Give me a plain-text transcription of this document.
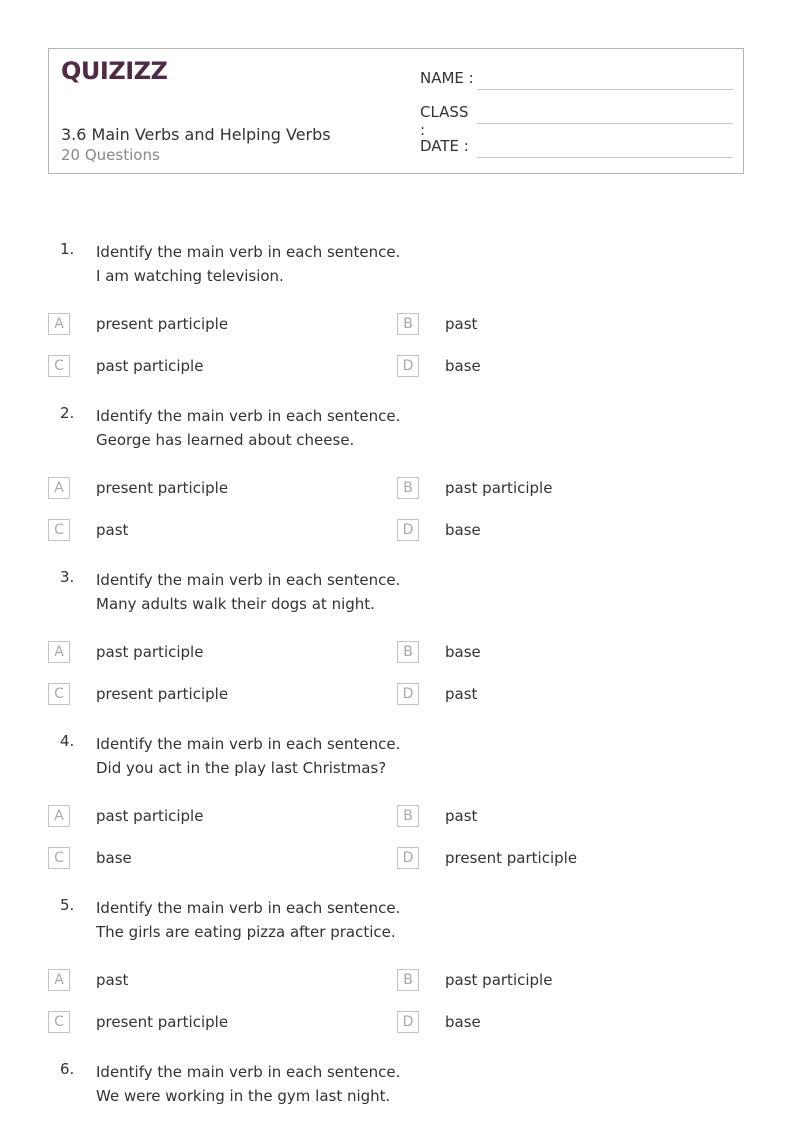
QUIZIZZ
3.6 Main Verbs and Helping Verbs
20 Questions
NAME :
CLASS :
DATE :
1. Identify the main verb in each sentence.
I am watching television.
A	present participle	B	past
C	past participle	D	base
2. Identify the main verb in each sentence.
George has learned about cheese.
A	present participle	B	past participle
C	past	D	base
3. Identify the main verb in each sentence.
Many adults walk their dogs at night.
A	past participle	B	base
C	present participle	D	past
4. Identify the main verb in each sentence.
Did you act in the play last Christmas?
A	past participle	B	past
C	base	D	present participle
5. Identify the main verb in each sentence.
The girls are eating pizza after practice.
A	past	B	past participle
C	present participle	D	base
6. Identify the main verb in each sentence.
We were working in the gym last night.
